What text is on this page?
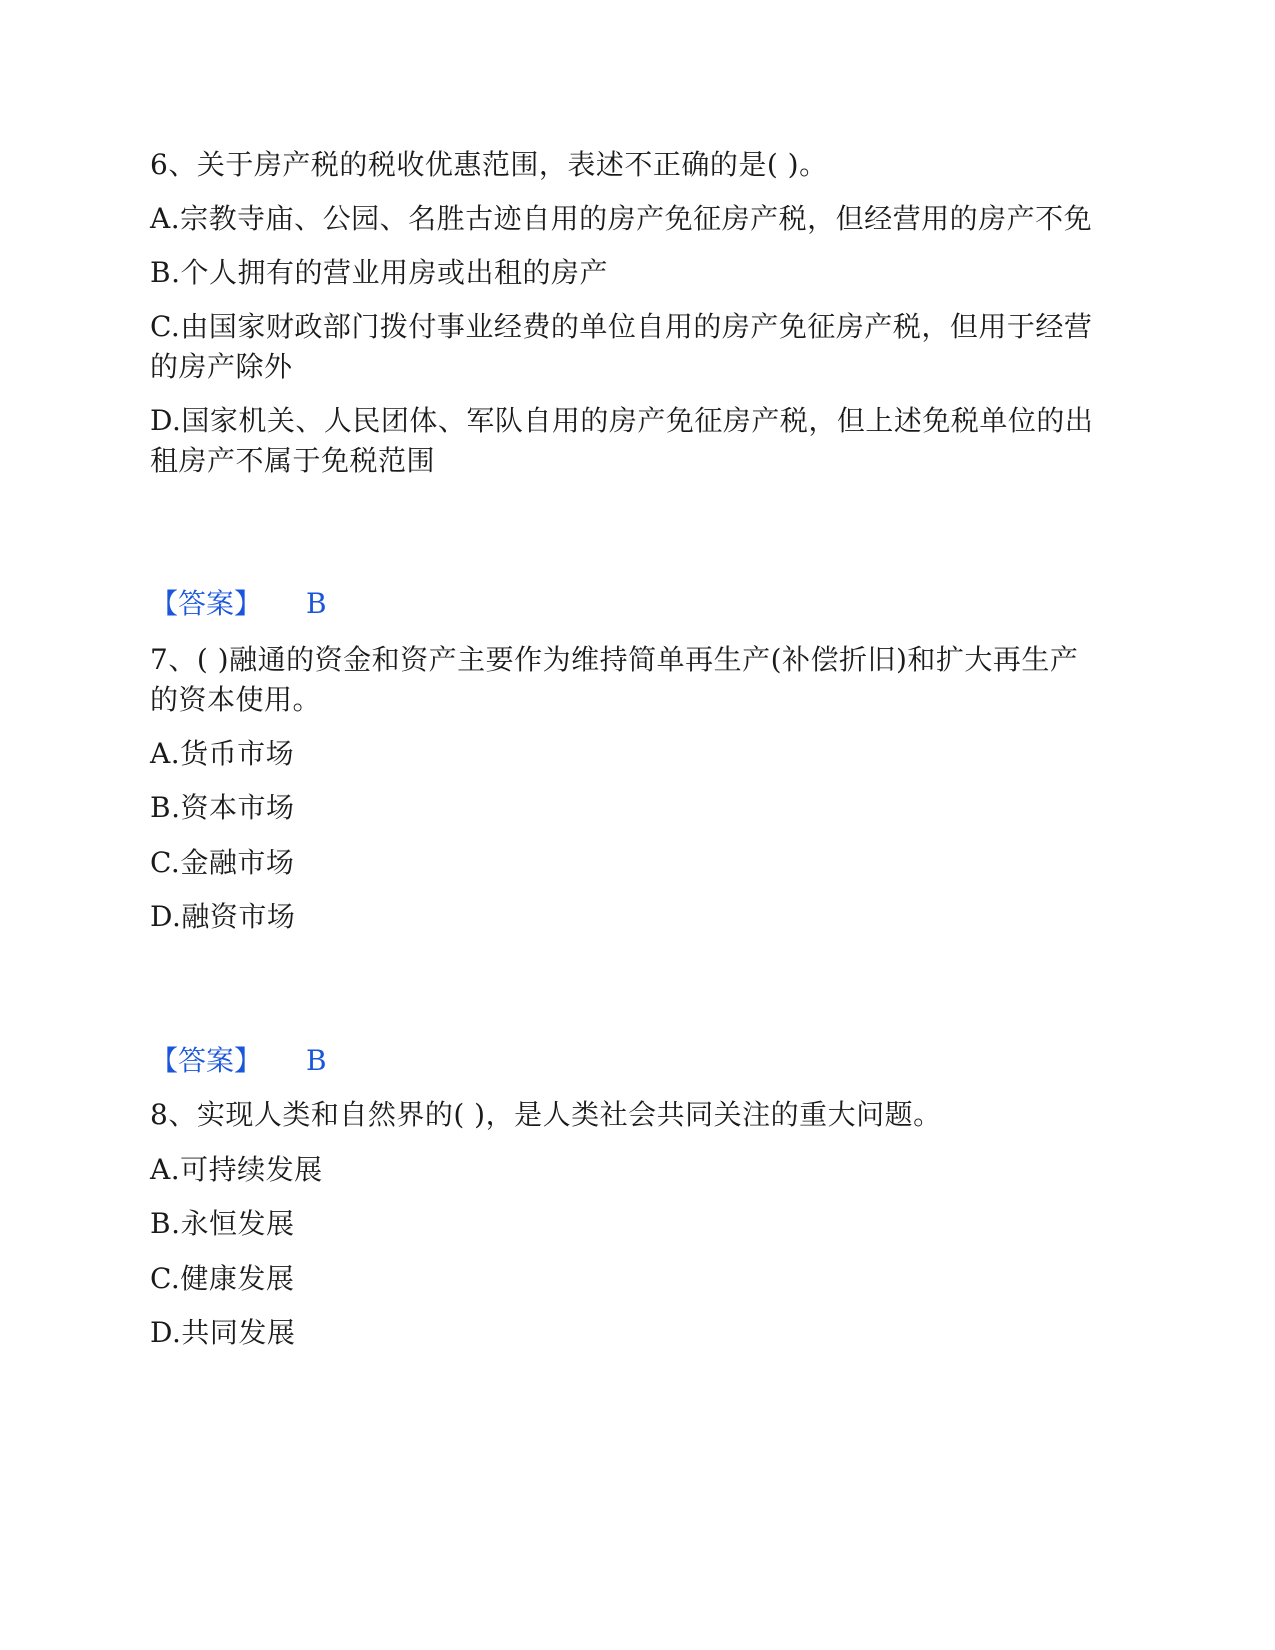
6、关于房产税的税收优惠范围，表述不正确的是( )。
A.宗教寺庙、公园、名胜古迹自用的房产免征房产税，但经营用的房产不免
B.个人拥有的营业用房或出租的房产
C.由国家财政部门拨付事业经费的单位自用的房产免征房产税，但用于经营
的房产除外
D.国家机关、人民团体、军队自用的房产免征房产税，但上述免税单位的出
租房产不属于免税范围
【答案】 B
7、( )融通的资金和资产主要作为维持简单再生产(补偿折旧)和扩大再生产
的资本使用。
A.货币市场
B.资本市场
C.金融市场
D.融资市场
【答案】 B
8、实现人类和自然界的( )，是人类社会共同关注的重大问题。
A.可持续发展
B.永恒发展
C.健康发展
D.共同发展
